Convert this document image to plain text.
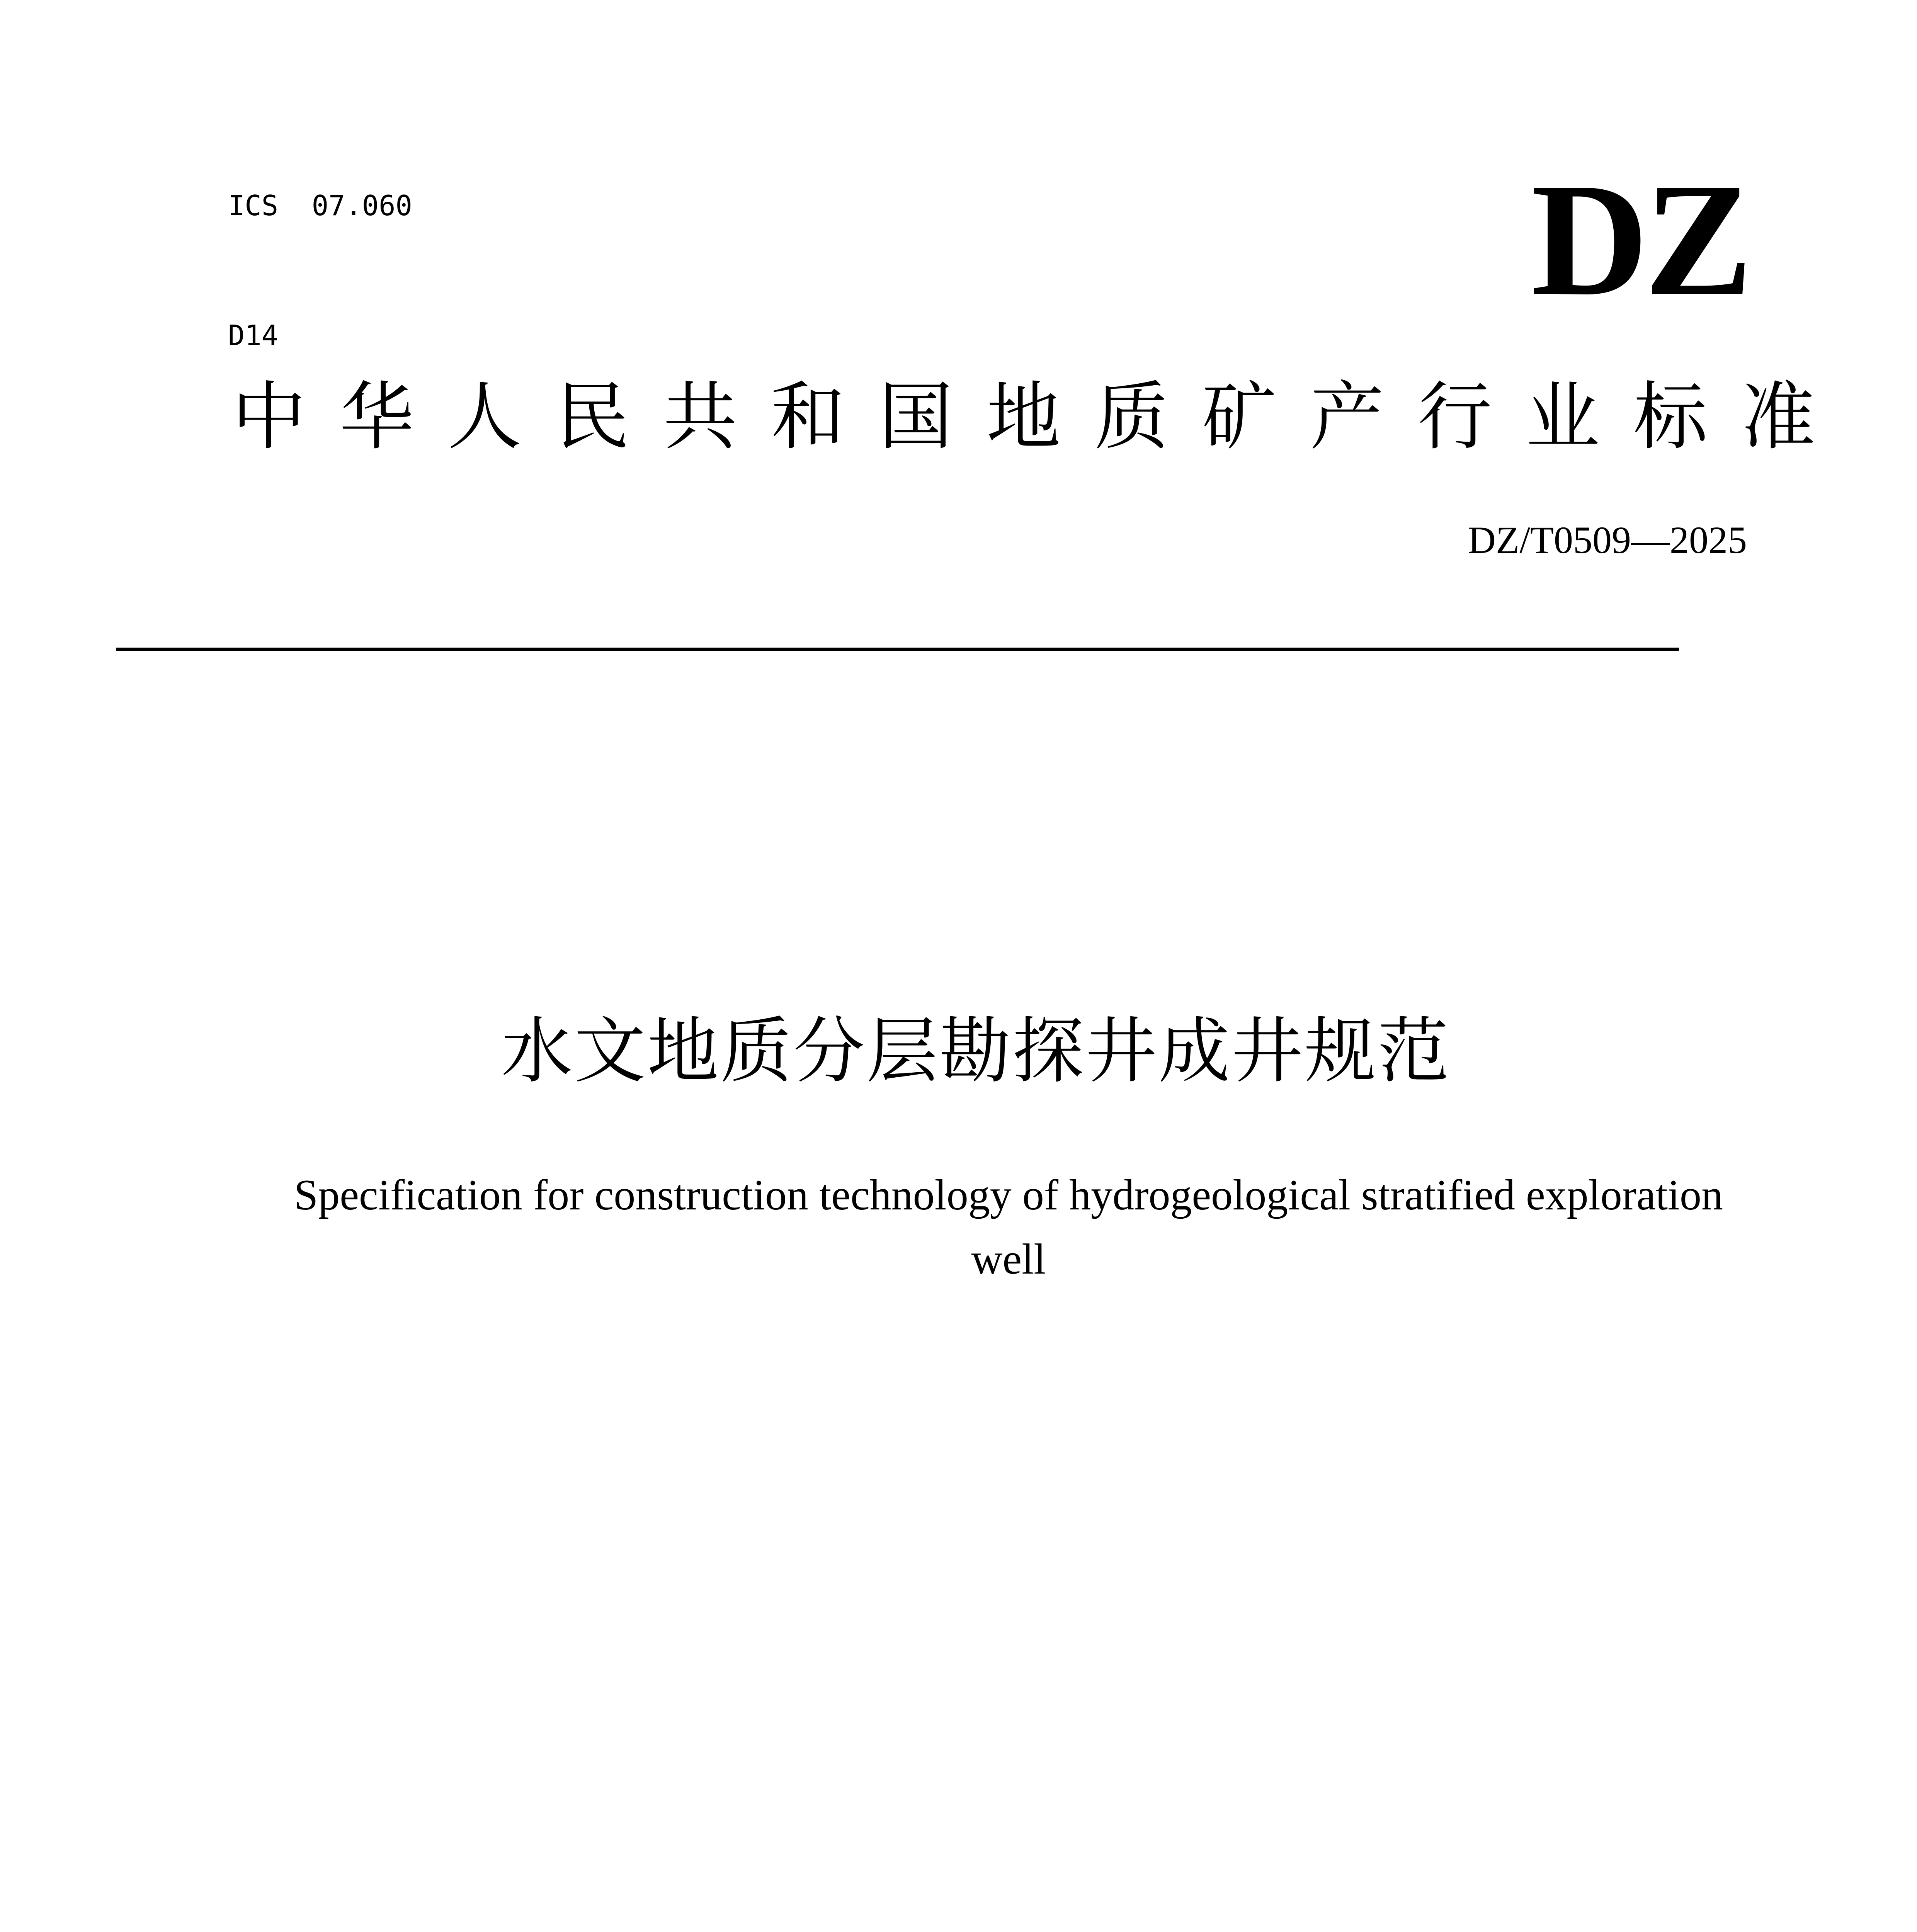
ICS  07.060

D14

DZ
中华人民共和国地质矿产行业标准
DZ/T0509—2025
水文地质分层勘探井成井规范
Specification for construction technology of hydrogeological stratified exploration well
